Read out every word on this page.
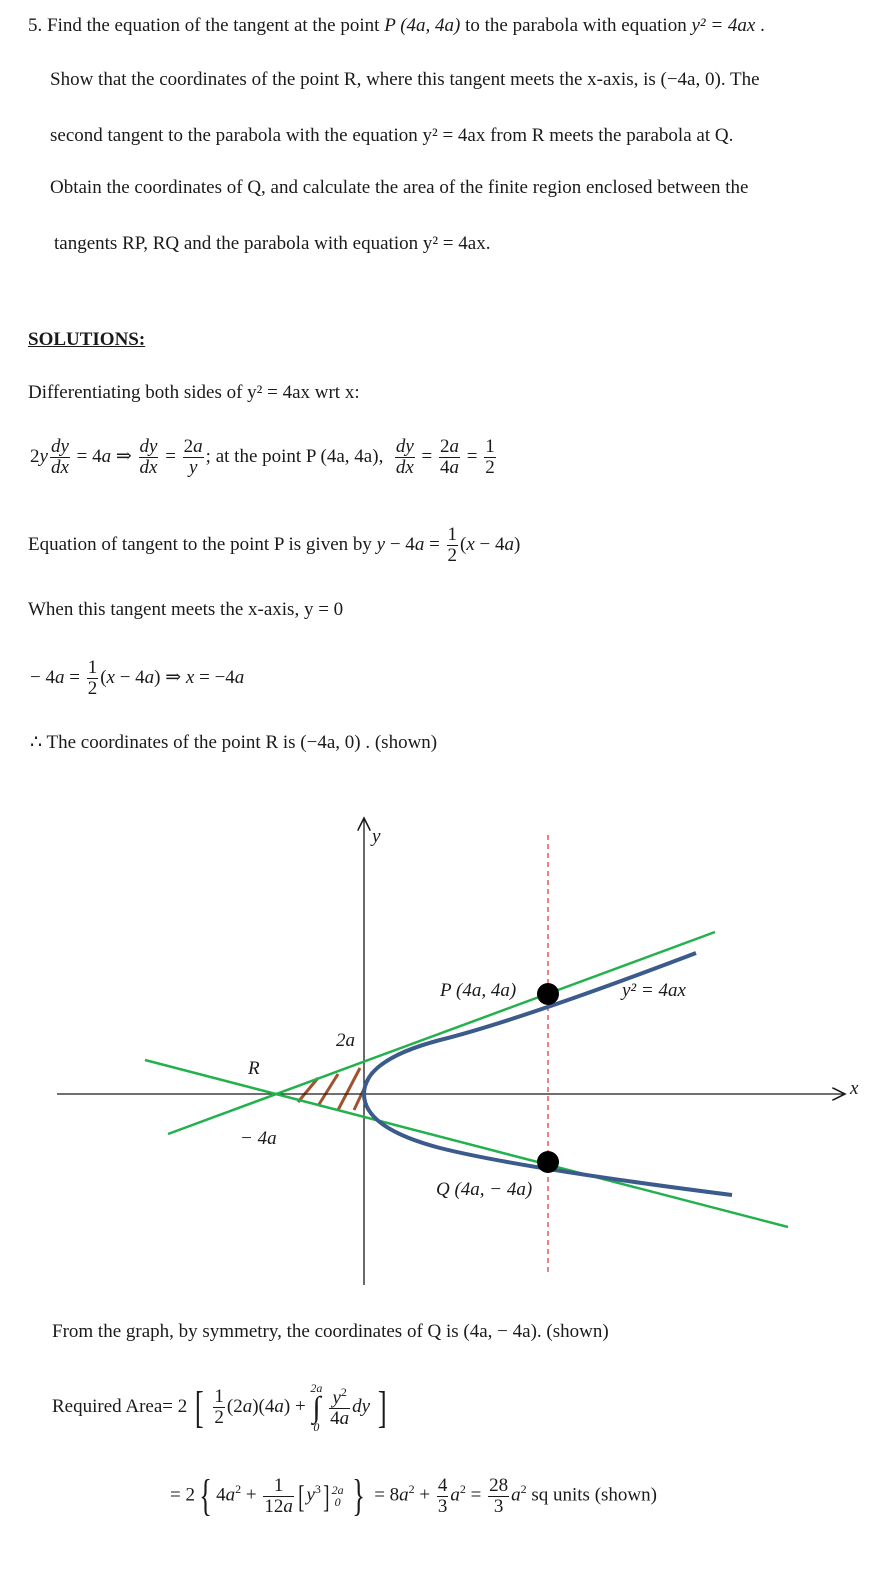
5. Find the equation of the tangent at the point P (4a, 4a) to the parabola with equation y² = 4ax .
Show that the coordinates of the point R, where this tangent meets the x-axis, is (−4a, 0). The
second tangent to the parabola with the equation y² = 4ax from R meets the parabola at Q.
Obtain the coordinates of Q, and calculate the area of the finite region enclosed between the
tangents RP, RQ and the parabola with equation y² = 4ax.
SOLUTIONS:
Differentiating both sides of y² = 4ax wrt x:
$2y \frac{dy}{dx} = 4a$ ⇒ $\frac{dy}{dx} = \frac{2a}{y}$ ; at the point P (4a, 4a), $\frac{dy}{dx} = \frac{2a}{4a} = \frac{1}{2}$
Equation of tangent to the point P is given by $y - 4a = \frac{1}{2} (x - 4a)$
When this tangent meets the x-axis, y = 0
− $4a = \frac{1}{2} (x - 4a)$ ⇒ x = −4a
∴ The coordinates of the point R is (−4a, 0) . (shown)
x
y
P (4a, 4a)
Q (4a, − 4a)
R
− 4a
2a
y² = 4ax
From the graph, by symmetry, the coordinates of Q is (4a, − 4a). (shown)
Required Area= 2 [ $\frac{1}{2} (2a)(4a)$ +
2a
∫
0
$\frac{y^2}{4a}$ dy ]
= 2{ $4a^2 + \frac{1}{12a}$ [ $y^3$] 2a
0 } = $8a^2 + \frac{4}{3} a^2 = \frac{28}{3} a^2$ sq units (shown)
